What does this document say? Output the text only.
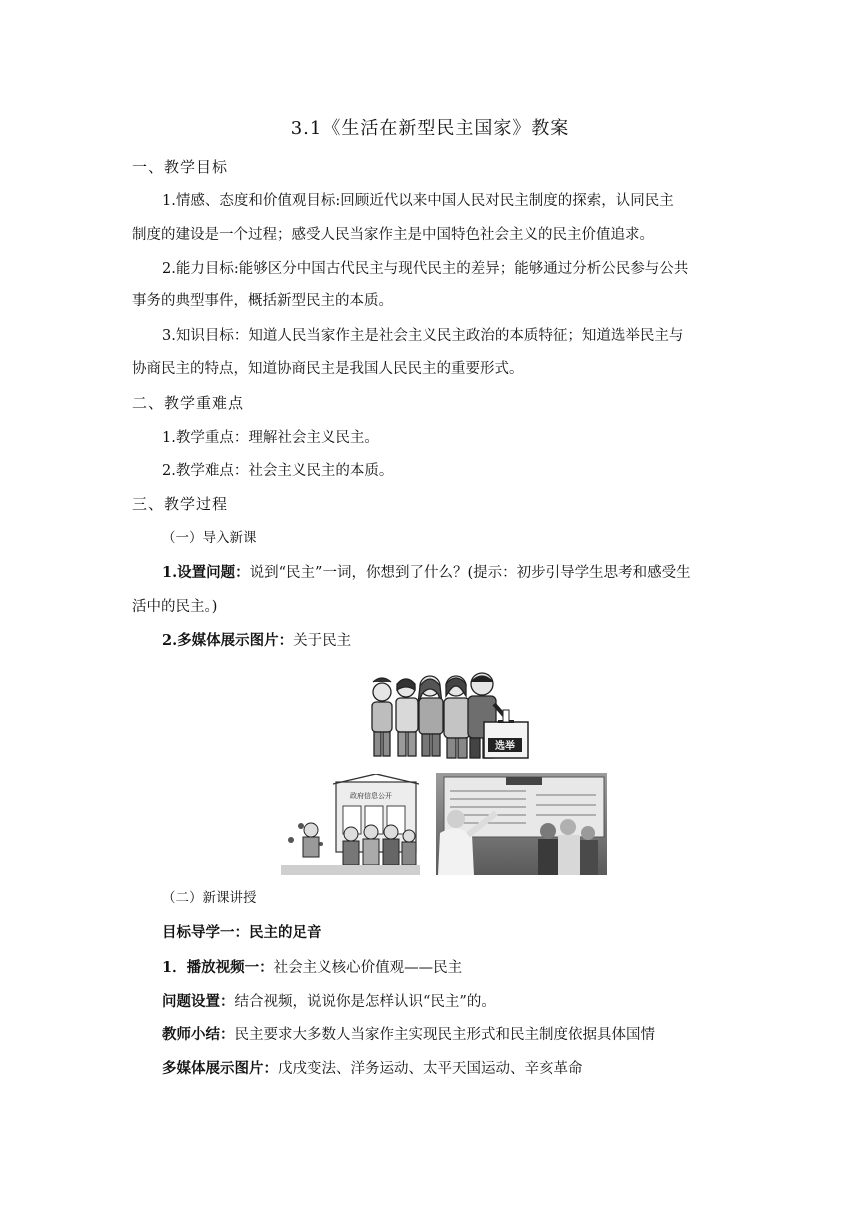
3.1《生活在新型民主国家》教案
一、教学目标
1.情感、态度和价值观目标:回顾近代以来中国人民对民主制度的探索，认同民主
制度的建设是一个过程；感受人民当家作主是中国特色社会主义的民主价值追求。
2.能力目标:能够区分中国古代民主与现代民主的差异；能够通过分析公民参与公共
事务的典型事件，概括新型民主的本质。
3.知识目标：知道人民当家作主是社会主义民主政治的本质特征；知道选举民主与
协商民主的特点，知道协商民主是我国人民民主的重要形式。
二、教学重难点
1.教学重点：理解社会主义民主。
2.教学难点：社会主义民主的本质。
三、教学过程
（一）导入新课
1.设置问题：说到“民主”一词，你想到了什么？(提示：初步引导学生思考和感受生
活中的民主。)
2.多媒体展示图片：关于民主
选举
政府信息公开
（二）新课讲授
目标导学一：民主的足音
1．播放视频一：社会主义核心价值观——民主
问题设置：结合视频，说说你是怎样认识“民主”的。
教师小结：民主要求大多数人当家作主实现民主形式和民主制度依据具体国情
多媒体展示图片：戊戌变法、洋务运动、太平天国运动、辛亥革命
